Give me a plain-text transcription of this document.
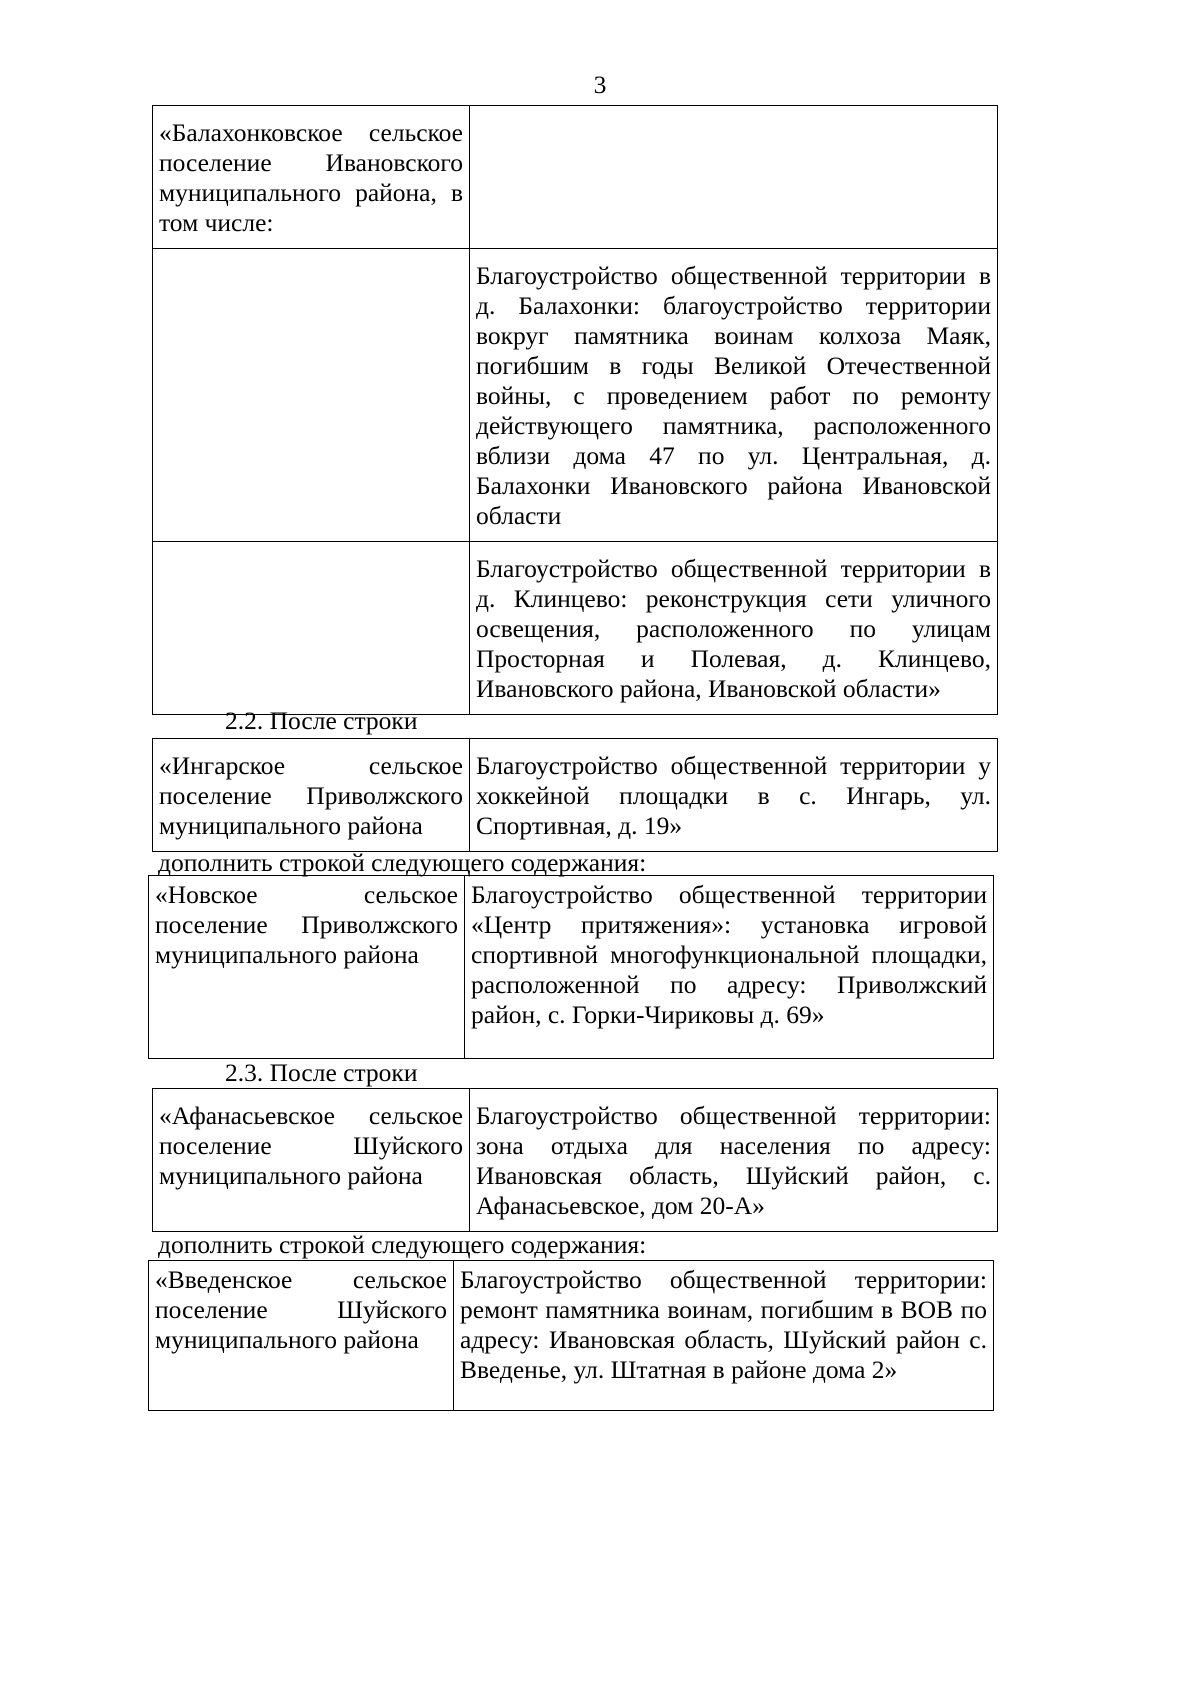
3
«Балахонковское сельское поселение Ивановского муниципального района, в том числе:	
	Благоустройство общественной территории в д. Балахонки: благоустройство территории вокруг памятника воинам колхоза Маяк, погибшим в годы Великой Отечественной войны, с проведением работ по ремонту действующего памятника, расположенного вблизи дома 47 по ул. Центральная, д. Балахонки Ивановского района Ивановской области
	Благоустройство общественной территории в д. Клинцево: реконструкция сети уличного освещения, расположенного по улицам Просторная и Полевая, д. Клинцево, Ивановского района, Ивановской области»
2.2. После строки
«Ингарское сельское поселение Приволжского муниципального района	Благоустройство общественной территории у хоккейной площадки в с. Ингарь, ул. Спортивная, д. 19»
дополнить строкой следующего содержания:
«Новское сельское поселение Приволжского муниципального района	Благоустройство общественной территории «Центр притяжения»: установка игровой спортивной многофункциональной площадки, расположенной по адресу: Приволжский район, с. Горки-Чириковы д. 69»
2.3. После строки
«Афанасьевское сельское поселение Шуйского муниципального района	Благоустройство общественной территории: зона отдыха для населения по адресу: Ивановская область, Шуйский район, с. Афанасьевское, дом 20-А»
дополнить строкой следующего содержания:
«Введенское сельское поселение Шуйского муниципального района	Благоустройство общественной территории: ремонт памятника воинам, погибшим в ВОВ по адресу: Ивановская область, Шуйский район с. Введенье, ул. Штатная в районе дома 2»
